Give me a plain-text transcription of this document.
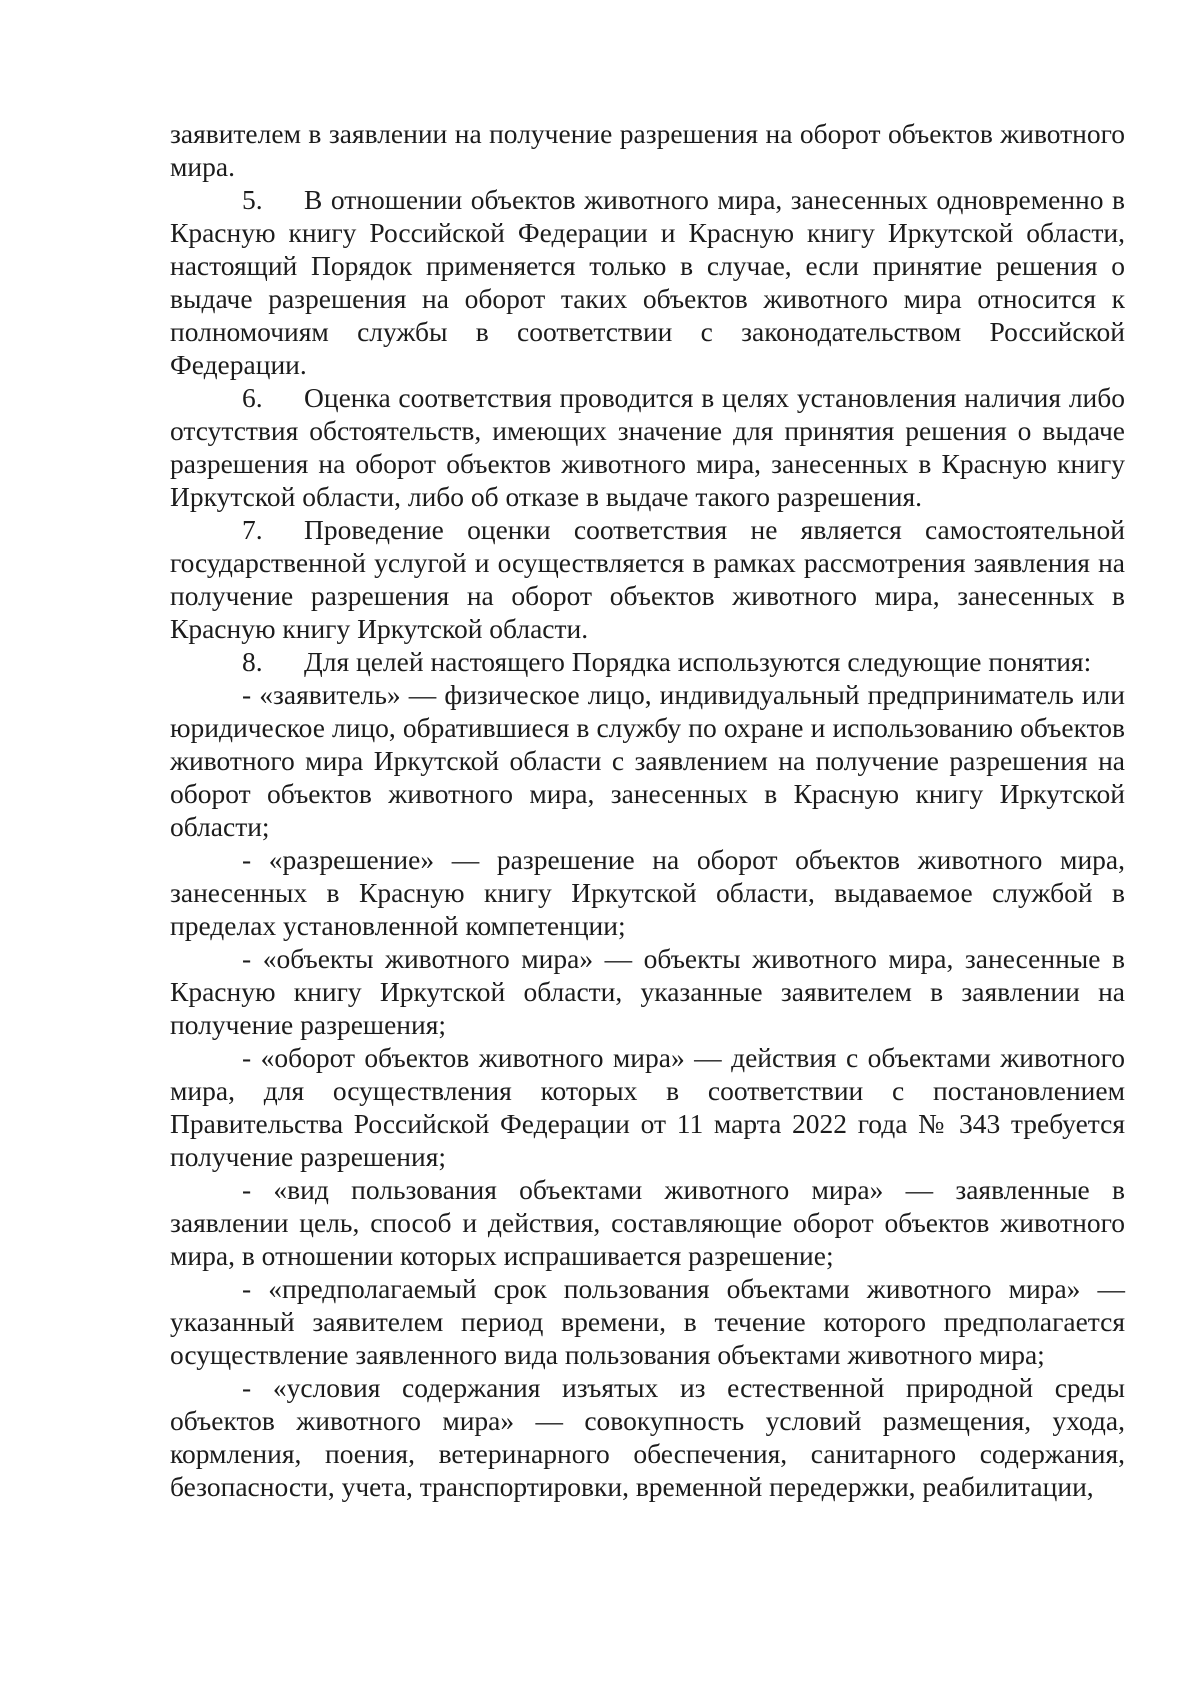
заявителем в заявлении на получение разрешения на оборот объектов животного мира.

5. В отношении объектов животного мира, занесенных одновременно в Красную книгу Российской Федерации и Красную книгу Иркутской области, настоящий Порядок применяется только в случае, если принятие решения о выдаче разрешения на оборот таких объектов животного мира относится к полномочиям службы в соответствии с законодательством Российской Федерации.

6. Оценка соответствия проводится в целях установления наличия либо отсутствия обстоятельств, имеющих значение для принятия решения о выдаче разрешения на оборот объектов животного мира, занесенных в Красную книгу Иркутской области, либо об отказе в выдаче такого разрешения.

7. Проведение оценки соответствия не является самостоятельной государственной услугой и осуществляется в рамках рассмотрения заявления на получение разрешения на оборот объектов животного мира, занесенных в Красную книгу Иркутской области.

8. Для целей настоящего Порядка используются следующие понятия:

- «заявитель» — физическое лицо, индивидуальный предприниматель или юридическое лицо, обратившиеся в службу по охране и использованию объектов животного мира Иркутской области с заявлением на получение разрешения на оборот объектов животного мира, занесенных в Красную книгу Иркутской области;

- «разрешение» — разрешение на оборот объектов животного мира, занесенных в Красную книгу Иркутской области, выдаваемое службой в пределах установленной компетенции;

- «объекты животного мира» — объекты животного мира, занесенные в Красную книгу Иркутской области, указанные заявителем в заявлении на получение разрешения;

- «оборот объектов животного мира» — действия с объектами животного мира, для осуществления которых в соответствии с постановлением Правительства Российской Федерации от 11 марта 2022 года № 343 требуется получение разрешения;

- «вид пользования объектами животного мира» — заявленные в заявлении цель, способ и действия, составляющие оборот объектов животного мира, в отношении которых испрашивается разрешение;

- «предполагаемый срок пользования объектами животного мира» — указанный заявителем период времени, в течение которого предполагается осуществление заявленного вида пользования объектами животного мира;

- «условия содержания изъятых из естественной природной среды объектов животного мира» — совокупность условий размещения, ухода, кормления, поения, ветеринарного обеспечения, санитарного содержания, безопасности, учета, транспортировки, временной передержки, реабилитации,
